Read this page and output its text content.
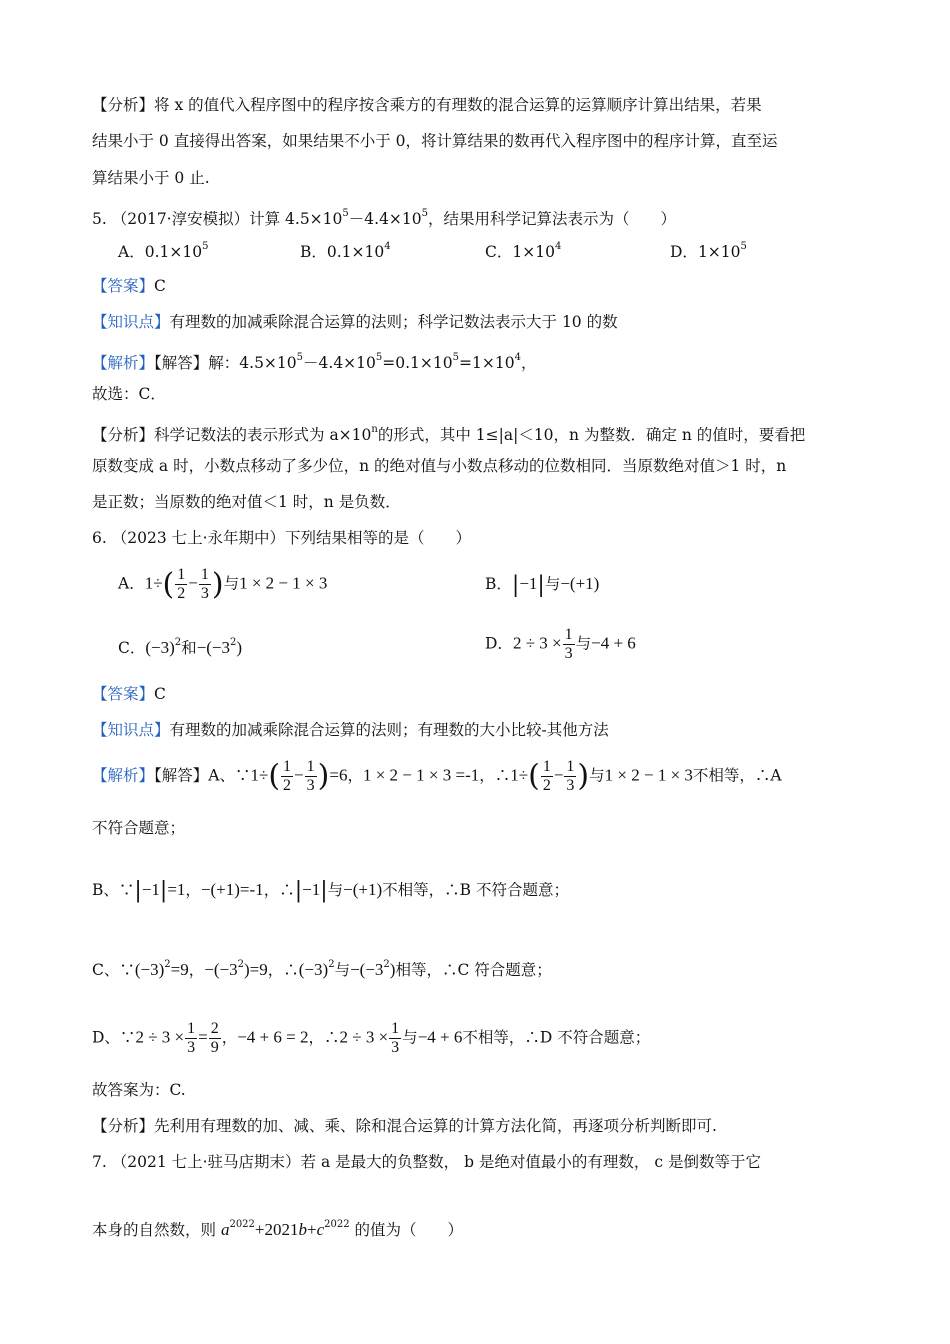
【分析】将 x 的值代入程序图中的程序按含乘方的有理数的混合运算的运算顺序计算出结果，若果
结果小于 0 直接得出答案，如果结果不小于 0，将计算结果的数再代入程序图中的程序计算，直至运
算结果小于 0 止.
5. （2017·淳安模拟）计算 $4.5\times 10^5-4.4\times 10^5$，结果用科学记算法表示为（　　）
A．$0.1\times 10^5$	B．$0.1\times 10^4$	C．$1\times 10^4$	D．$1\times 10^5$
【答案】C
【知识点】有理数的加减乘除混合运算的法则；科学记数法表示大于 10 的数
【解析】【解答】解：$4.5\times 10^5-4.4\times 10^5=0.1\times 10^5=1\times 10^4$，
故选：C．
【分析】科学记数法的表示形式为 $a\times 10^n$的形式，其中 1≤|a|＜10，n 为整数．确定 n 的值时，要看把
原数变成 a 时，小数点移动了多少位，n 的绝对值与小数点移动的位数相同．当原数绝对值＞1 时，n
是正数；当原数的绝对值＜1 时，n 是负数．
6. （2023 七上·永年期中）下列结果相等的是（　　）
A．$1\div( \frac{1}{2} - \frac{1}{3}$ )与1 × 2 − 1 × 3	B．|−1|与−(+1)
C．$(-3)^2$和$-(-3^2)$	D．$2 \div 3 \times \frac{1}{3}$ 与−4 + 6
【答案】C
【知识点】有理数的加减乘除混合运算的法则；有理数的大小比较-其他方法
【解析】【解答】A、∵1÷( $\frac{1}{2} - \frac{1}{3} )=6$，1 × 2 − 1 × 3 =-1，∴1÷( $\frac{1}{2} - \frac{1}{3}$ )与1 × 2 − 1 × 3不相等，∴A
不符合题意；
B、∵|−1|=1，−(+1)=-1，∴|−1|与−(+1)不相等，∴B 不符合题意；
C、$\because(-3)^2=9$，$-(-3^2)=9$，$\therefore(-3)^2$与$-(-3^2)$相等，∴C 符合题意；
D、∵2 ÷ $3 \times \frac{1}{3} = \frac{2}{9}$ ，−4 + 6 = 2，∴2 ÷ $3 \times \frac{1}{3}$ 与−4 + 6不相等，∴D 不符合题意；
故答案为：C.
【分析】先利用有理数的加、减、乘、除和混合运算的计算方法化简，再逐项分析判断即可.
7. （2021 七上·驻马店期末）若 a 是最大的负整数， b 是绝对值最小的有理数， c 是倒数等于它
本身的自然数，则 $a^{2022}+2021b+c^{2022}$ 的值为（　　）
